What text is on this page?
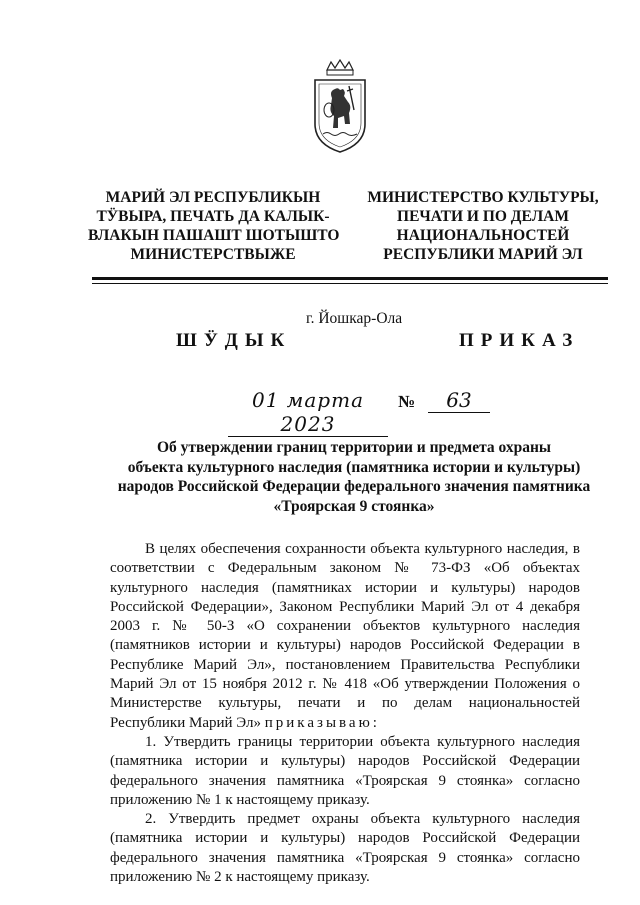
МАРИЙ ЭЛ РЕСПУБЛИКЫН
ТӰВЫРА, ПЕЧАТЬ ДА КАЛЫК-
ВЛАКЫН ПАШАШТ ШОТЫШТО
МИНИСТЕРСТВЫЖЕ
МИНИСТЕРСТВО КУЛЬТУРЫ,
ПЕЧАТИ И ПО ДЕЛАМ
НАЦИОНАЛЬНОСТЕЙ
РЕСПУБЛИКИ МАРИЙ ЭЛ
г. Йошкар-Ола
ШӰДЫК	ПРИКАЗ
01 марта 2023
№	63
Об утверждении границ территории и предмета охраны
объекта культурного наследия (памятника истории и культуры)
народов Российской Федерации федерального значения памятника
«Троярская 9 стоянка»

В целях обеспечения сохранности объекта культурного наследия, в соответствии с Федеральным законом № 73-ФЗ «Об объектах культурного наследия (памятниках истории и культуры) народов Российской Федерации», Законом Республики Марий Эл от 4 декабря 2003 г. № 50-З «О сохранении объектов культурного наследия (памятников истории и культуры) народов Российской Федерации в Республике Марий Эл», постановлением Правительства Республики Марий Эл от 15 ноября 2012 г. № 418 «Об утверждении Положения о Министерстве культуры, печати и по делам национальностей Республики Марий Эл» приказываю:

1. Утвердить границы территории объекта культурного наследия (памятника истории и культуры) народов Российской Федерации федерального значения памятника «Троярская 9 стоянка» согласно приложению № 1 к настоящему приказу.

2. Утвердить предмет охраны объекта культурного наследия (памятника истории и культуры) народов Российской Федерации федерального значения памятника «Троярская 9 стоянка» согласно приложению № 2 к настоящему приказу.
